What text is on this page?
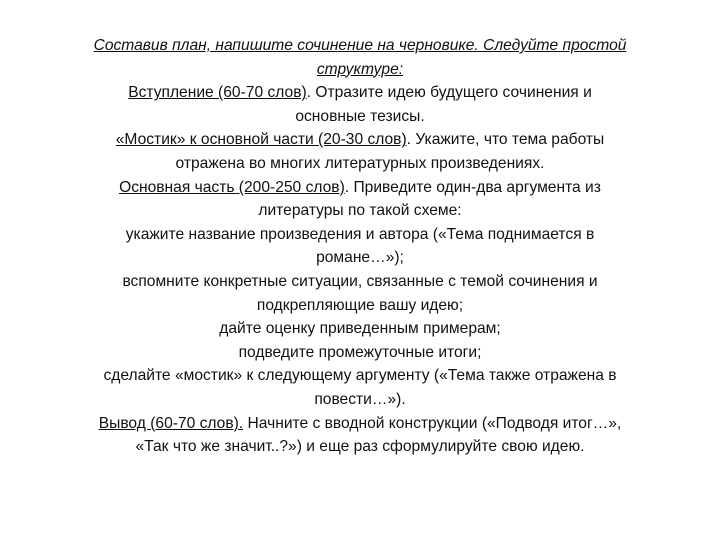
Составив план, напишите сочинение на черновике. Следуйте простой
структуре:
Вступление (60-70 слов). Отразите идею будущего сочинения и
основные тезисы.
«Мостик» к основной части (20-30 слов). Укажите, что тема работы
отражена во многих литературных произведениях.
Основная часть (200-250 слов). Приведите один-два аргумента из
литературы по такой схеме:
укажите название произведения и автора («Тема поднимается в
романе…»);
вспомните конкретные ситуации, связанные с темой сочинения и
подкрепляющие вашу идею;
дайте оценку приведенным примерам;
подведите промежуточные итоги;
сделайте «мостик» к следующему аргументу («Тема также отражена в
повести…»).
Вывод (60-70 слов). Начните с вводной конструкции («Подводя итог…»,
«Так что же значит..?») и еще раз сформулируйте свою идею.
